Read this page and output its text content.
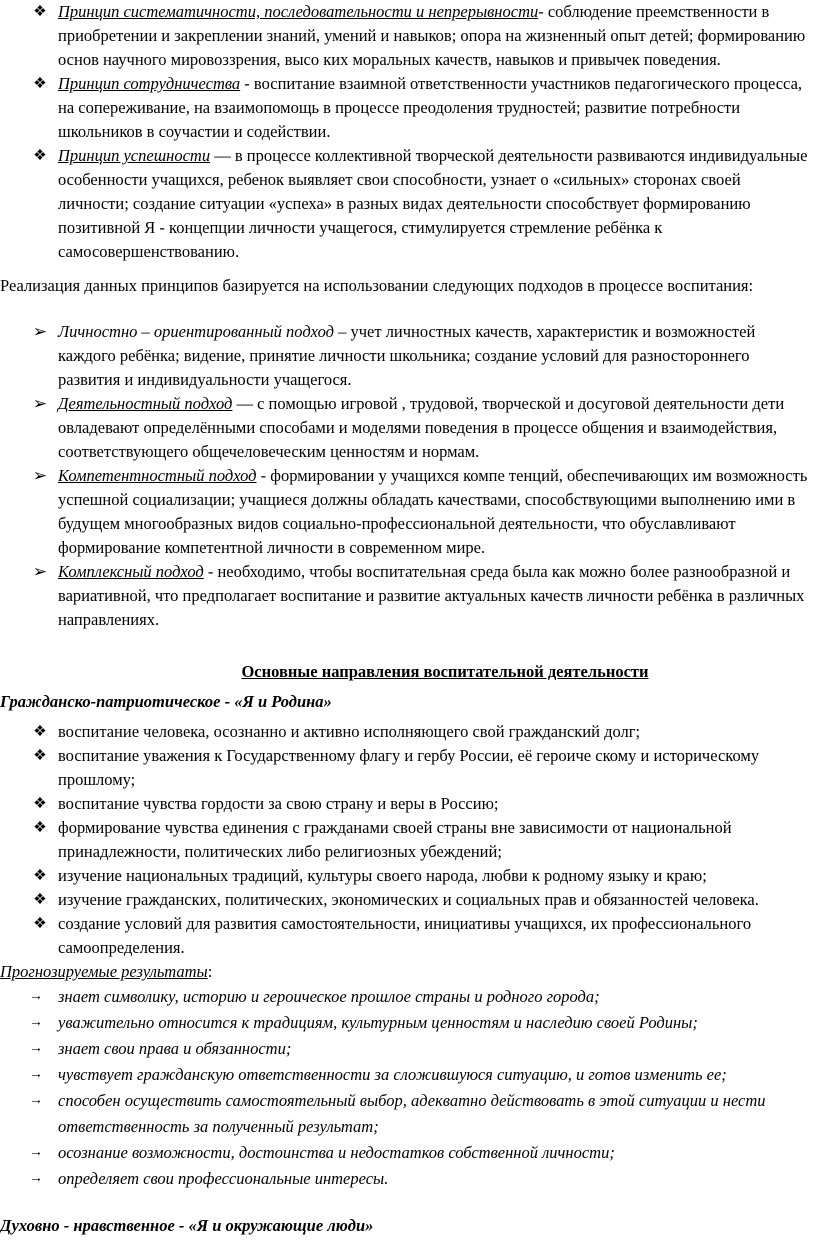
❖ Принцип систематичности, последовательности и непрерывности- соблюдение преемственности в приобретении и закреплении знаний, умений и навыков; опора на жизненный опыт детей; формированию основ научного мировоззрения, высо ких моральных качеств, навыков и привычек поведения.
❖ Принцип сотрудничества - воспитание взаимной ответственности участников педагогического процесса, на сопереживание, на взаимопомощь в процессе преодоления трудностей; развитие потребности школьников в соучастии и содействии.
❖ Принцип успешности — в процессе коллективной творческой деятельности развиваются индивидуальные особенности учащихся, ребенок выявляет свои способности, узнает о «сильных» сторонах своей личности; создание ситуации «успеха» в разных видах деятельности способствует формированию позитивной Я - концепции личности учащегося, стимулируется стремление ребёнка к самосовершенствованию.
Реализация данных принципов базируется на использовании следующих подходов в процессе воспитания:
➢ Личностно – ориентированный подход – учет личностных качеств, характеристик и возможностей каждого ребёнка; видение, принятие личности школьника; создание условий для разностороннего развития и индивидуальности учащегося.
➢ Деятельностный подход — с помощью игровой , трудовой, творческой и досуговой деятельности дети овладевают определёнными способами и моделями поведения в процессе общения и взаимодействия, соответствующего общечеловеческим ценностям и нормам.
➢ Компетентностный подход - формировании у учащихся компе тенций, обеспечивающих им возможность успешной социализации; учащиеся должны обладать качествами, способствующими выполнению ими в будущем многообразных видов социально-профессиональной деятельности, что обуславливают формирование компетентной личности в современном мире.
➢ Комплексный подход - необходимо, чтобы воспитательная среда была как можно более разнообразной и вариативной, что предполагает воспитание и развитие актуальных качеств личности ребёнка в различных направлениях.
Основные направления воспитательной деятельности
Гражданско-патриотическое - «Я и Родина»
❖ воспитание человека, осознанно и активно исполняющего свой гражданский долг;
❖ воспитание уважения к Государственному флагу и гербу России, её героиче скому и историческому прошлому;
❖ воспитание чувства гордости за свою страну и веры в Россию;
❖ формирование чувства единения с гражданами своей страны вне зависимости от национальной принадлежности, политических либо религиозных убеждений;
❖ изучение национальных традиций, культуры своего народа, любви к родному языку и краю;
❖ изучение гражданских, политических, экономических и социальных прав и обязанностей человека.
❖ создание условий для развития самостоятельности, инициативы учащихся, их профессионального самоопределения.
Прогнозируемые результаты:
→ знает символику, историю и героическое прошлое страны и родного города;
→ уважительно относится к традициям, культурным ценностям и наследию своей Родины;
→ знает свои права и обязанности;
→ чувствует гражданскую ответственности за сложившуюся ситуацию, и готов изменить ее;
→ способен осуществить самостоятельный выбор, адекватно действовать в этой ситуации и нести ответственность за полученный результат;
→ осознание возможности, достоинства и недостатков собственной личности;
→ определяет свои профессиональные интересы.
Духовно - нравственное - «Я и окружающие люди»
